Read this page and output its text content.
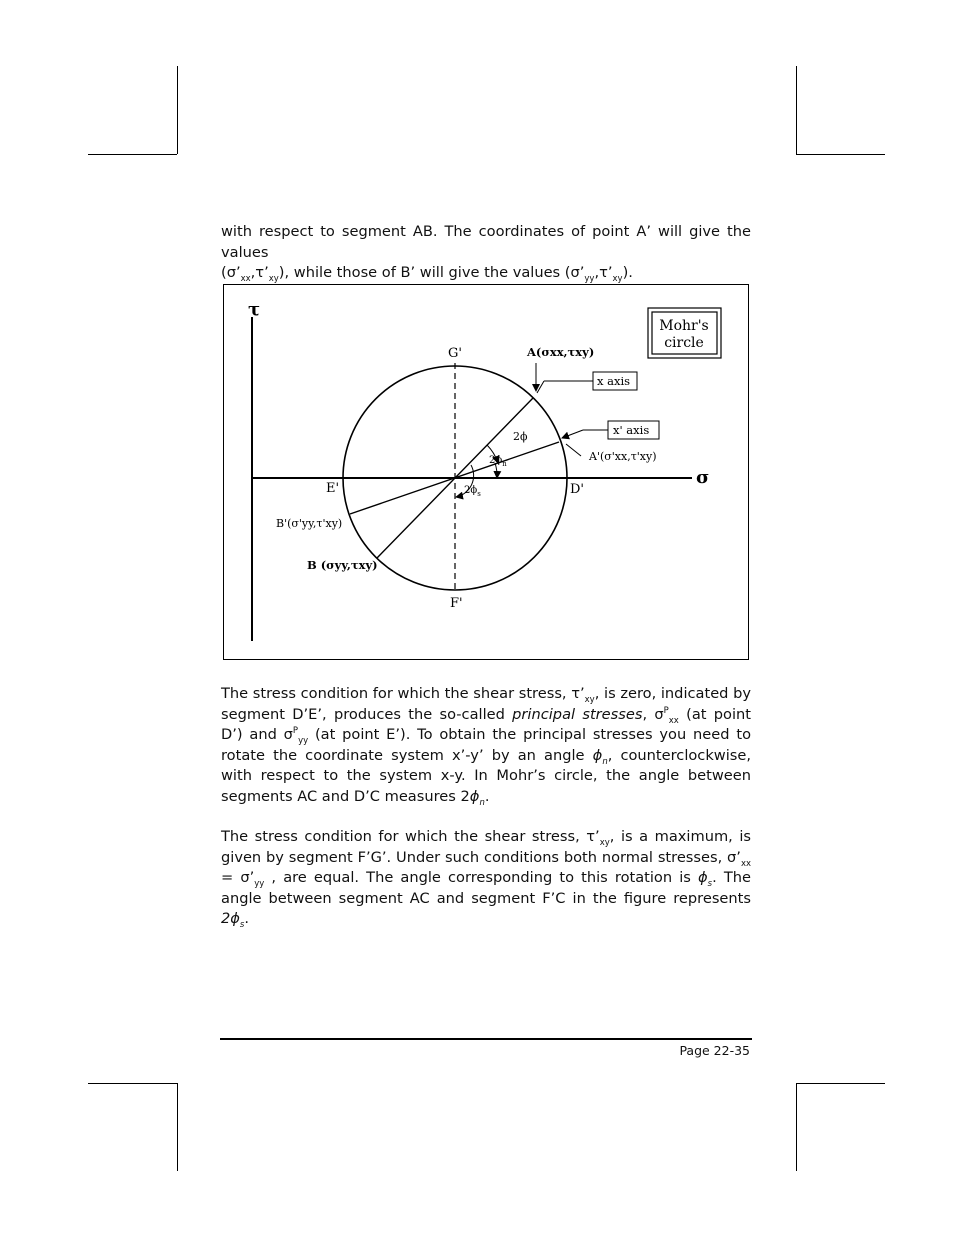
with respect to segment AB. The coordinates of point A’ will give the values
$(\sigma’_{xx},\tau’_{xy})$, while those of B’ will give the values $(\sigma’_{yy},\tau’_{xy})$.

τ
σ
G'
F'
E'	D'
A(σxx,τxy)
A'(σ'xx,τ'xy)
B'(σ'yy,τ'xy)
B (σyy,τxy)
x axis
x' axis
Mohr's
circle
2ϕ
$2\phi_n$
$2\phi_s$

The stress condition for which the shear stress, $\tau’_{xy}$, is zero, indicated by segment D’E’, produces the so-called principal stresses, $\sigma^P_{xx}$ (at point D’) and $\sigma^P_{yy}$ (at point E’). To obtain the principal stresses you need to rotate the coordinate system x’-y’ by an angle $\phi_n$, counterclockwise, with respect to the system x-y. In Mohr’s circle, the angle between segments AC and D’C measures $2\phi_n$.

The stress condition for which the shear stress, $\tau’_{xy}$, is a maximum, is given by segment F’G’. Under such conditions both normal stresses, $\sigma’_{xx}$ = $\sigma’_{yy}$ , are equal. The angle corresponding to this rotation is $\phi_s$. The angle between segment AC and segment F’C in the figure represents $2\phi_s$.

Page 22-35
